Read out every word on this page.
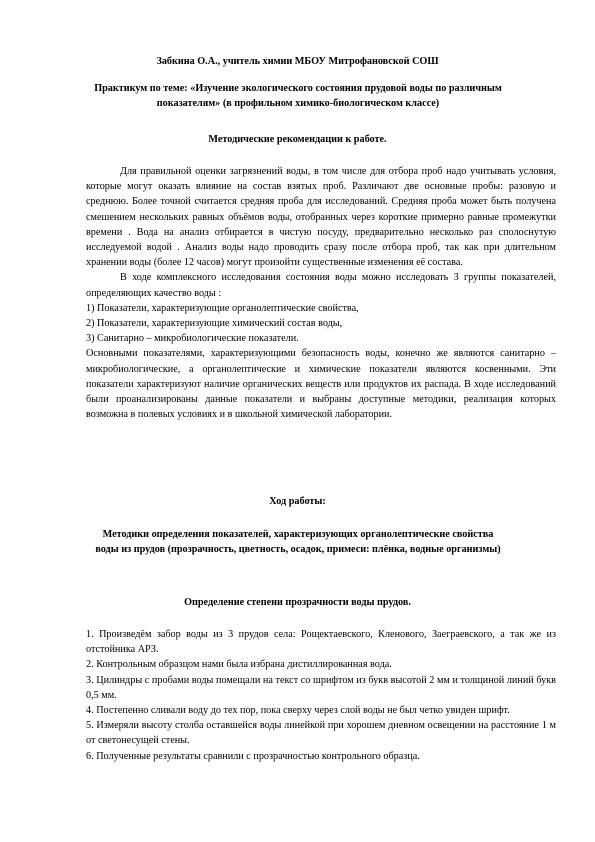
Забкина О.А., учитель химии МБОУ Митрофановской СОШ
Практикум по теме: «Изучение экологического состояния прудовой воды по различным показателям» (в профильном химико-биологическом классе)
Методические рекомендации к работе.

Для правильной оценки загрязнений воды, в том числе для отбора проб надо учитывать условия, которые могут оказать влияние на состав взятых проб. Различают две основные пробы: разовую и среднюю. Более точной считается средняя проба для исследований. Средняя проба может быть получена смешением нескольких равных объёмов воды, отобранных через короткие примерно равные промежутки времени . Вода на анализ отбирается в чистую посуду, предварительно несколько раз сполоснутую исследуемой водой . Анализ воды надо проводить сразу после отбора проб, так как при длительном хранении воды (более 12 часов) могут произойти существенные изменения её состава.

В ходе комплексного исследования состояния воды можно исследовать 3 группы показателей, определяющих качество воды :

1) Показатели, характеризующие органолептические свойства,

2) Показатели, характеризующие химический состав воды,

3) Санитарно – микробиологические показатели.

Основными показателями, характеризующими безопасность воды, конечно же являются санитарно – микробиологические, а органолептические и химические показатели являются косвенными. Эти показатели характеризуют наличие органических веществ или продуктов их распада. В ходе исследований были проанализированы данные показатели и выбраны доступные методики, реализация которых возможна в полевых условиях и в школьной химической лаборатории.

Ход работы:
Методики определения показателей, характеризующих органолептические свойства воды из прудов (прозрачность, цветность, осадок, примеси: плёнка, водные организмы)
Определение степени прозрачности воды прудов.

1. Произведём забор воды из 3 прудов села: Рощектаевского, Кленового, Заеграевского, а так же из отстойника АРЗ.

2. Контрольным образцом нами была избрана дистиллированная вода.

3. Цилиндры с пробами воды помещали на текст со шрифтом из букв высотой 2 мм и толщиной линий букв 0,5 мм.

4. Постепенно сливали воду до тех пор, пока сверху через слой воды не был четко увиден шрифт.

5. Измеряли высоту столба оставшейся воды линейкой при хорошем дневном освещении на расстояние 1 м от светонесущей стены.

6. Полученные результаты сравнили с прозрачностью контрольного образца.
